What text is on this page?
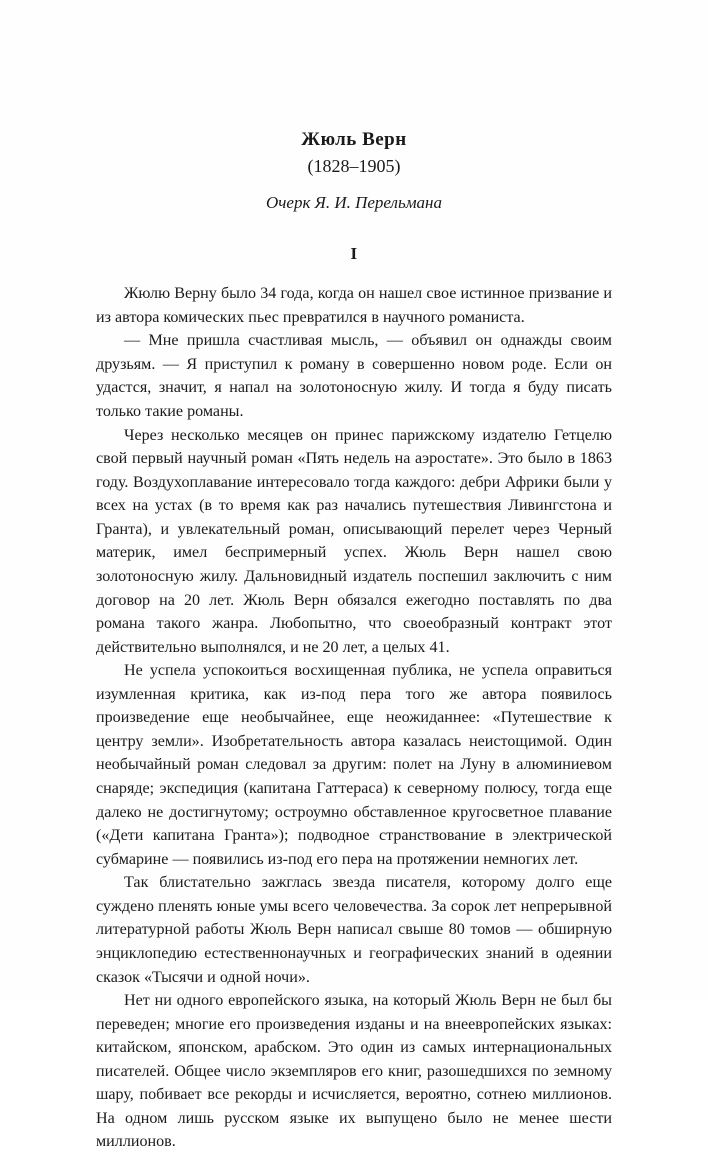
Жюль Верн
(1828–1905)
Очерк Я. И. Перельмана
I

Жюлю Верну было 34 года, когда он нашел свое истинное призвание и из автора комических пьес превратился в научного романиста.

— Мне пришла счастливая мысль, — объявил он однажды своим друзьям. — Я приступил к роману в совершенно новом роде. Если он удастся, значит, я напал на золотоносную жилу. И тогда я буду писать только такие романы.

Через несколько месяцев он принес парижскому издателю Гетцелю свой первый научный роман «Пять недель на аэростате». Это было в 1863 году. Воздухоплавание интересовало тогда каждого: дебри Африки были у всех на устах (в то время как раз начались путешествия Ливингстона и Гранта), и увлекательный роман, описывающий перелет через Черный материк, имел беспримерный успех. Жюль Верн нашел свою золотоносную жилу. Дальновидный издатель поспешил заключить с ним договор на 20 лет. Жюль Верн обязался ежегодно поставлять по два романа такого жанра. Любопытно, что своеобразный контракт этот действительно выполнялся, и не 20 лет, а целых 41.

Не успела успокоиться восхищенная публика, не успела оправиться изумленная критика, как из-под пера того же автора появилось произведение еще необычайнее, еще неожиданнее: «Путешествие к центру земли». Изобретательность автора казалась неистощимой. Один необычайный роман следовал за другим: полет на Луну в алюминиевом снаряде; экспедиция (капитана Гаттераса) к северному полюсу, тогда еще далеко не достигнутому; остроумно обставленное кругосветное плавание («Дети капитана Гранта»); подводное странствование в электрической субмарине — появились из-под его пера на протяжении немногих лет.

Так блистательно зажглась звезда писателя, которому долго еще суждено пленять юные умы всего человечества. За сорок лет непрерывной литературной работы Жюль Верн написал свыше 80 томов — обширную энциклопедию естественнонаучных и географических знаний в одеянии сказок «Тысячи и одной ночи».

Нет ни одного европейского языка, на который Жюль Верн не был бы переведен; многие его произведения изданы и на внеевропейских языках: китайском, японском, арабском. Это один из самых интернациональных писателей. Общее число экземпляров его книг, разошедшихся по земному шару, побивает все рекорды и исчисляется, вероятно, сотнею миллионов. На одном лишь русском языке их выпущено было не менее шести миллионов.
